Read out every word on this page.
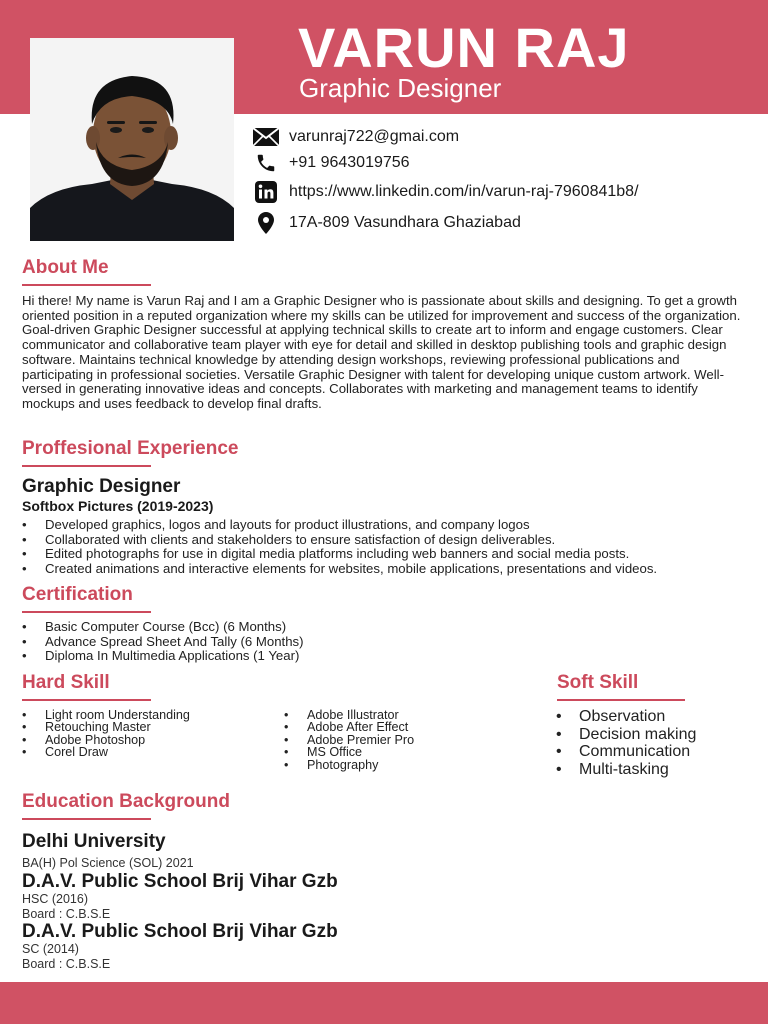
VARUN RAJ
Graphic Designer
varunraj722@gmai.com
+91 9643019756
https://www.linkedin.com/in/varun-raj-7960841b8/
17A-809 Vasundhara Ghaziabad
About Me

Hi there! My name is Varun Raj and I am a Graphic Designer who is passionate about skills and designing. To get a growth oriented position in a reputed organization where my skills can be utilized for improvement and success of the organization. Goal-driven Graphic Designer successful at applying technical skills to create art to inform and engage customers. Clear communicator and collaborative team player with eye for detail and skilled in desktop publishing tools and graphic design software. Maintains technical knowledge by attending design workshops, reviewing professional publications and participating in professional societies. Versatile Graphic Designer with talent for developing unique custom artwork. Well-versed in generating innovative ideas and concepts. Collaborates with marketing and management teams to identify mockups and uses feedback to develop final drafts.

Proffesional Experience
Graphic Designer
Softbox Pictures (2019-2023)
• Developed graphics, logos and layouts for product illustrations, and company logos
• Collaborated with clients and stakeholders to ensure satisfaction of design deliverables.
• Edited photographs for use in digital media platforms including web banners and social media posts.
• Created animations and interactive elements for websites, mobile applications, presentations and videos.
Certification
• Basic Computer Course (Bcc) (6 Months)
• Advance Spread Sheet And Tally (6 Months)
• Diploma In Multimedia Applications (1 Year)
Hard Skill
• Light room Understanding
• Retouching Master
• Adobe Photoshop
• Corel Draw
• Adobe Illustrator
• Adobe After Effect
• Adobe Premier Pro
• MS Office
• Photography
Soft Skill
• Observation
• Decision making
• Communication
• Multi-tasking
Education Background
Delhi University
BA(H) Pol Science (SOL) 2021
D.A.V. Public School Brij Vihar Gzb
HSC (2016)
Board : C.B.S.E
D.A.V. Public School Brij Vihar Gzb
SC (2014)
Board : C.B.S.E
